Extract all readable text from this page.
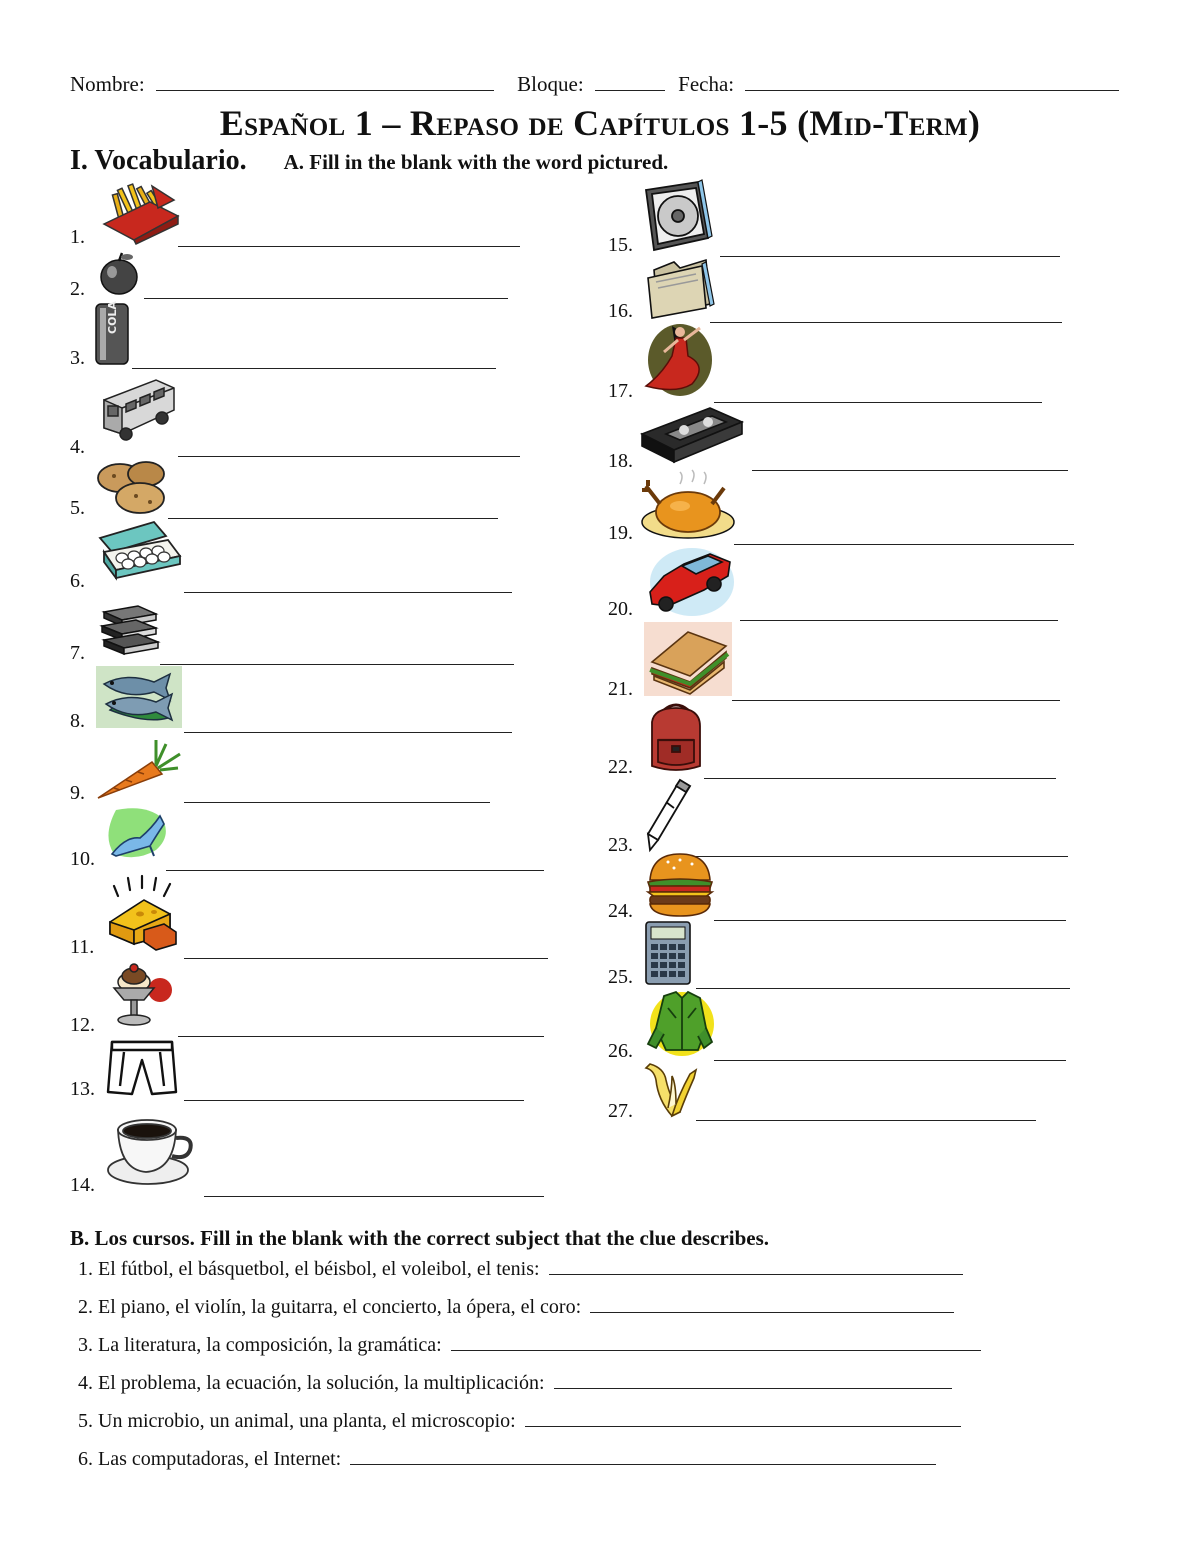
Nombre:	Bloque:	Fecha:
Español 1 – Repaso de Capítulos 1-5 (Mid-Term)
I. Vocabulario. A. Fill in the blank with the word pictured.
1.
2.
3.
COLA
4.
5.
6.
7.
8.
9.
10.
11.
12.
13.
14.
15.
16.
17.
18.
19.
20.
21.
22.
23.
24.
25.
26.
27.
B. Los cursos. Fill in the blank with the correct subject that the clue describes.
1. El fútbol, el básquetbol, el béisbol, el voleibol, el tenis:
2. El piano, el violín, la guitarra, el concierto, la ópera, el coro:
3. La literatura, la composición, la gramática:
4. El problema, la ecuación, la solución, la multiplicación:
5. Un microbio, un animal, una planta, el microscopio:
6. Las computadoras, el Internet:
